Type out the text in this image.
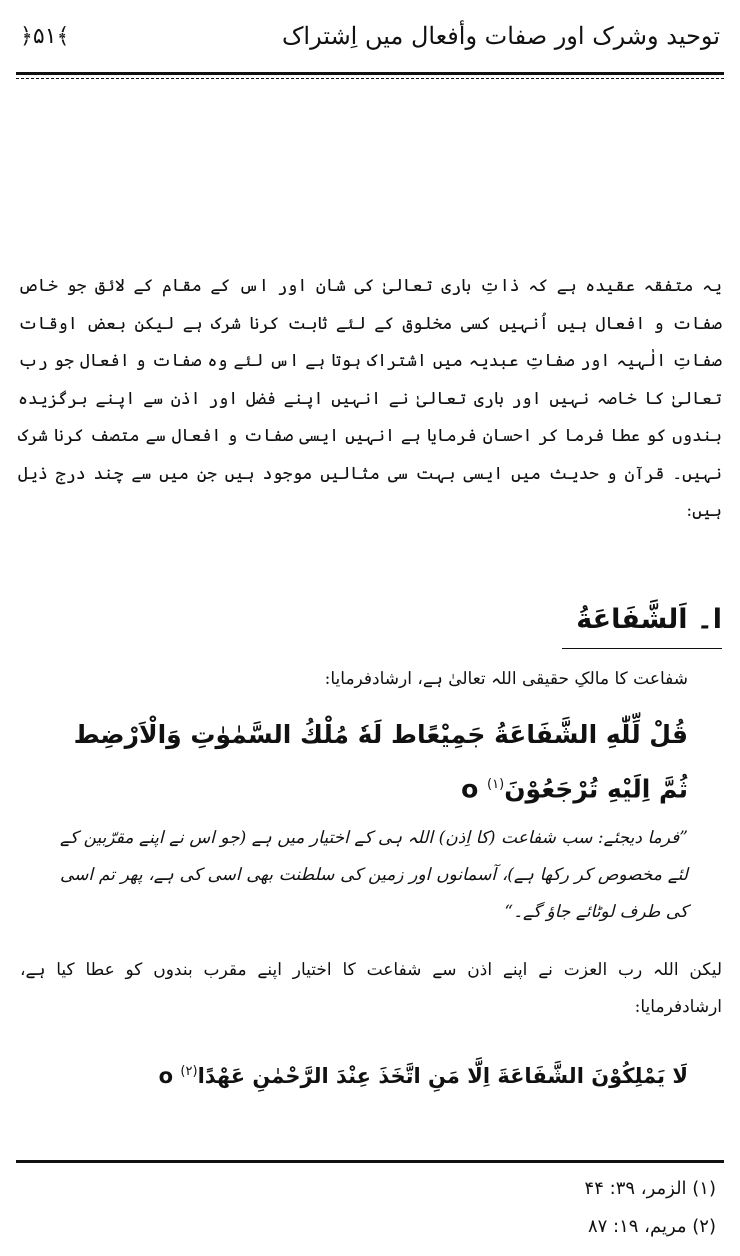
توحید وشرک اور صفات وأفعال میں اِشتراک
﴿۵۱﴾

یہ متفقہ عقیدہ ہے کہ ذاتِ باری تعالیٰ کی شان اور اس کے مقام کے لائق جو خاص صفات و افعال ہیں اُنہیں کسی مخلوق کے لئے ثابت کرنا شرک ہے لیکن بعض اوقات صفاتِ الٰہیہ اور صفاتِ عبدیہ میں اشتراک ہوتا ہے اس لئے وہ صفات و افعال جو رب تعالیٰ کا خاصہ نہیں اور باری تعالیٰ نے انہیں اپنے فضل اور اذن سے اپنے برگزیدہ بندوں کو عطا فرما کر احسان فرمایا ہے انہیں ایسی صفات و افعال سے متصف کرنا شرک نہیں۔ قرآن و حدیث میں ایسی بہت سی مثالیں موجود ہیں جن میں سے چند درج ذیل ہیں:

ا۔ اَلشَّفَاعَةُ
شفاعت کا مالکِ حقیقی اللہ تعالیٰ ہے، ارشادفرمایا:
قُلْ لِّلّٰهِ الشَّفَاعَةُ جَمِيْعًاط لَهٗ مُلْكُ السَّمٰوٰتِ وَالْاَرْضِط ثُمَّ اِلَيْهِ تُرْجَعُوْنَo $^{(۱)}$

”فرما دیجئے: سب شفاعت (کا اِذن) اللہ ہی کے اختیار میں ہے (جو اس نے اپنے مقرّبین کے لئے مخصوص کر رکھا ہے)، آسمانوں اور زمین کی سلطنت بھی اسی کی ہے، پھر تم اسی کی طرف لوٹائے جاؤ گے۔“

لیکن اللہ رب العزت نے اپنے اذن سے شفاعت کا اختیار اپنے مقرب بندوں کو عطا کیا ہے، ارشادفرمایا:

لَا يَمْلِكُوْنَ الشَّفَاعَةَ اِلَّا مَنِ اتَّخَذَ عِنْدَ الرَّحْمٰنِ عَهْدًاo $^{(۲)}$
(۱) الزمر، ۳۹: ۴۴
(۲) مریم، ۱۹: ۸۷
